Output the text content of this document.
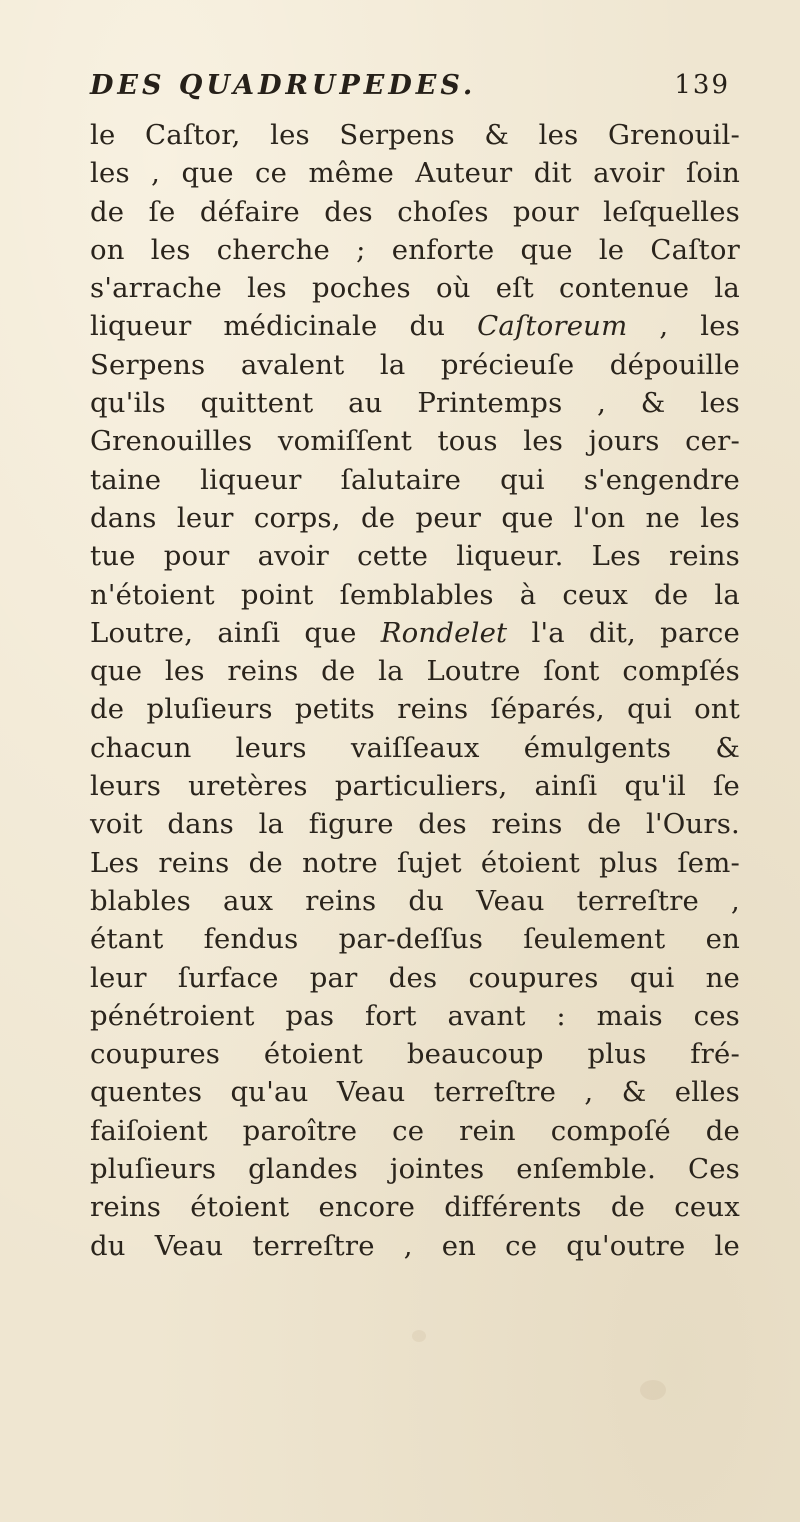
DES QUADRUPEDES.	139
le Caſtor, les Serpens & les Grenouil-
les , que ce même Auteur dit avoir ſoin
de ſe défaire des choſes pour leſquelles
on les cherche ; enforte que le Caſtor
s'arrache les poches où eſt contenue la
liqueur médicinale du Caſtoreum , les
Serpens avalent la précieuſe dépouille
qu'ils quittent au Printemps , & les
Grenouilles vomiſſent tous les jours cer-
taine liqueur ſalutaire qui s'engendre
dans leur corps, de peur que l'on ne les
tue pour avoir cette liqueur. Les reins
n'étoient point ſemblables à ceux de la
Loutre, ainſi que Rondelet l'a dit, parce
que les reins de la Loutre ſont compſés
de pluſieurs petits reins ſéparés, qui ont
chacun leurs vaiſſeaux émulgents &
leurs uretères particuliers, ainſi qu'il ſe
voit dans la figure des reins de l'Ours.
Les reins de notre ſujet étoient plus ſem-
blables aux reins du Veau terreſtre ,
étant fendus par-deſſus ſeulement en
leur ſurface par des coupures qui ne
pénétroient pas fort avant : mais ces
coupures étoient beaucoup plus fré-
quentes qu'au Veau terreſtre , & elles
faiſoient paroître ce rein compoſé de
pluſieurs glandes jointes enſemble. Ces
reins étoient encore différents de ceux
du Veau terreſtre , en ce qu'outre le
